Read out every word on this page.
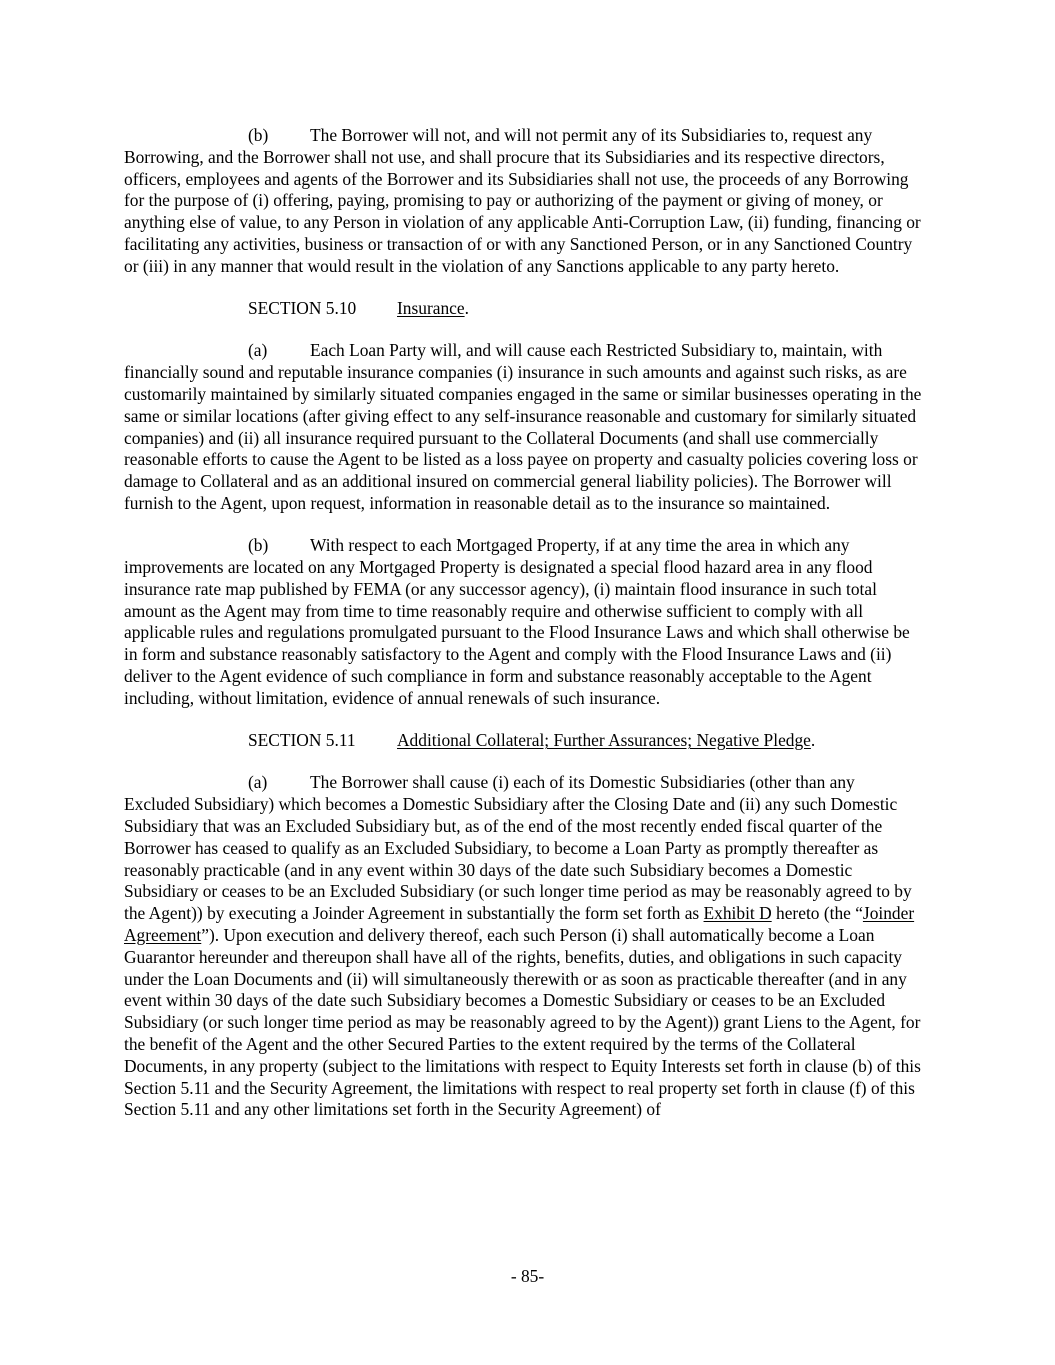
(b) The Borrower will not, and will not permit any of its Subsidiaries to, request any Borrowing, and the Borrower shall not use, and shall procure that its Subsidiaries and its respective directors, officers, employees and agents of the Borrower and its Subsidiaries shall not use, the proceeds of any Borrowing for the purpose of (i) offering, paying, promising to pay or authorizing of the payment or giving of money, or anything else of value, to any Person in violation of any applicable Anti-Corruption Law, (ii) funding, financing or facilitating any activities, business or transaction of or with any Sanctioned Person, or in any Sanctioned Country or (iii) in any manner that would result in the violation of any Sanctions applicable to any party hereto.

SECTION 5.10 Insurance.

(a) Each Loan Party will, and will cause each Restricted Subsidiary to, maintain, with financially sound and reputable insurance companies (i) insurance in such amounts and against such risks, as are customarily maintained by similarly situated companies engaged in the same or similar businesses operating in the same or similar locations (after giving effect to any self-insurance reasonable and customary for similarly situated companies) and (ii) all insurance required pursuant to the Collateral Documents (and shall use commercially reasonable efforts to cause the Agent to be listed as a loss payee on property and casualty policies covering loss or damage to Collateral and as an additional insured on commercial general liability policies). The Borrower will furnish to the Agent, upon request, information in reasonable detail as to the insurance so maintained.

(b) With respect to each Mortgaged Property, if at any time the area in which any improvements are located on any Mortgaged Property is designated a special flood hazard area in any flood insurance rate map published by FEMA (or any successor agency), (i) maintain flood insurance in such total amount as the Agent may from time to time reasonably require and otherwise sufficient to comply with all applicable rules and regulations promulgated pursuant to the Flood Insurance Laws and which shall otherwise be in form and substance reasonably satisfactory to the Agent and comply with the Flood Insurance Laws and (ii) deliver to the Agent evidence of such compliance in form and substance reasonably acceptable to the Agent including, without limitation, evidence of annual renewals of such insurance.

SECTION 5.11 Additional Collateral; Further Assurances; Negative Pledge.

(a) The Borrower shall cause (i) each of its Domestic Subsidiaries (other than any Excluded Subsidiary) which becomes a Domestic Subsidiary after the Closing Date and (ii) any such Domestic Subsidiary that was an Excluded Subsidiary but, as of the end of the most recently ended fiscal quarter of the Borrower has ceased to qualify as an Excluded Subsidiary, to become a Loan Party as promptly thereafter as reasonably practicable (and in any event within 30 days of the date such Subsidiary becomes a Domestic Subsidiary or ceases to be an Excluded Subsidiary (or such longer time period as may be reasonably agreed to by the Agent)) by executing a Joinder Agreement in substantially the form set forth as Exhibit D hereto (the “Joinder Agreement”). Upon execution and delivery thereof, each such Person (i) shall automatically become a Loan Guarantor hereunder and thereupon shall have all of the rights, benefits, duties, and obligations in such capacity under the Loan Documents and (ii) will simultaneously therewith or as soon as practicable thereafter (and in any event within 30 days of the date such Subsidiary becomes a Domestic Subsidiary or ceases to be an Excluded Subsidiary (or such longer time period as may be reasonably agreed to by the Agent)) grant Liens to the Agent, for the benefit of the Agent and the other Secured Parties to the extent required by the terms of the Collateral Documents, in any property (subject to the limitations with respect to Equity Interests set forth in clause (b) of this Section 5.11 and the Security Agreement, the limitations with respect to real property set forth in clause (f) of this Section 5.11 and any other limitations set forth in the Security Agreement) of

- 85-
